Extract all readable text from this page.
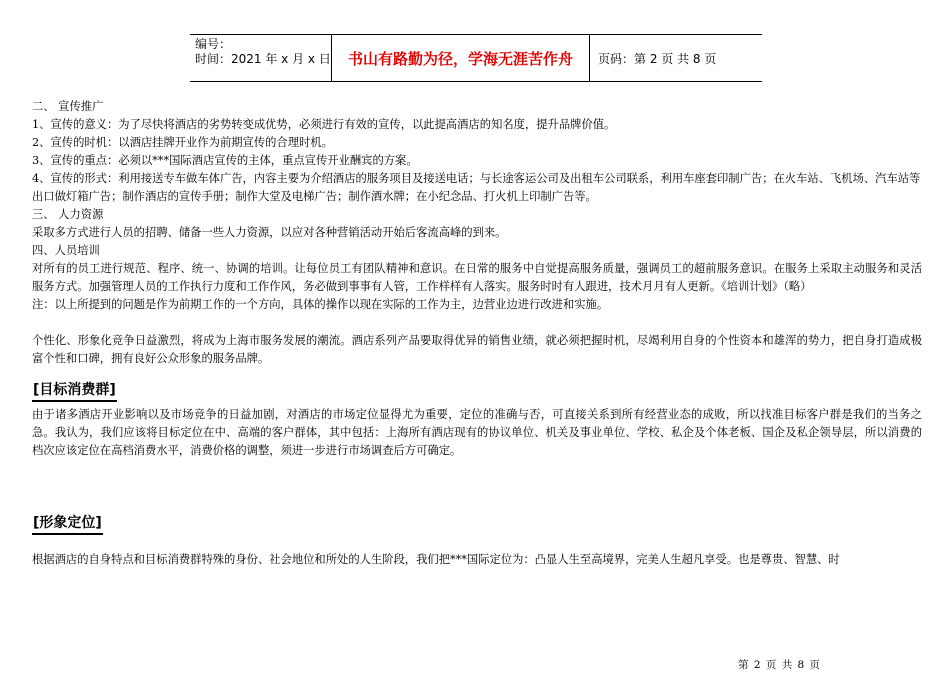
编号：
时间：2021 年 x 月 x 日	书山有路勤为径，学海无涯苦作舟	页码：第 2 页 共 8 页

二、 宣传推广

1、宣传的意义：为了尽快将酒店的劣势转变成优势，必须进行有效的宣传，以此提高酒店的知名度，提升品牌价值。

2、宣传的时机：以酒店挂牌开业作为前期宣传的合理时机。

3、宣传的重点：必须以***国际酒店宣传的主体，重点宣传开业酬宾的方案。

4、宣传的形式：利用接送专车做车体广告，内容主要为介绍酒店的服务项目及接送电话；与长途客运公司及出租车公司联系，利用车座套印制广告；在火车站、飞机场、汽车站等出口做灯箱广告；制作酒店的宣传手册；制作大堂及电梯广告；制作酒水牌；在小纪念品、打火机上印制广告等。

三、 人力资源

采取多方式进行人员的招聘、储备一些人力资源，以应对各种营销活动开始后客流高峰的到来。

四、人员培训

对所有的员工进行规范、程序、统一、协调的培训。让每位员工有团队精神和意识。在日常的服务中自觉提高服务质量，强调员工的超前服务意识。在服务上采取主动服务和灵活服务方式。加强管理人员的工作执行力度和工作作风，务必做到事事有人管，工作样样有人落实。服务时时有人跟进，技术月月有人更新。《培训计划》（略）

注：以上所提到的问题是作为前期工作的一个方向，具体的操作以现在实际的工作为主，边营业边进行改进和实施。

个性化、形象化竞争日益激烈，将成为上海市服务发展的潮流。酒店系列产品要取得优异的销售业绩，就必须把握时机，尽竭利用自身的个性资本和雄浑的势力，把自身打造成极富个性和口碑，拥有良好公众形象的服务品牌。

[目标消费群]

由于诸多酒店开业影响以及市场竞争的日益加剧，对酒店的市场定位显得尤为重要，定位的准确与否，可直接关系到所有经营业态的成败，所以找准目标客户群是我们的当务之急。我认为，我们应该将目标定位在中、高端的客户群体，其中包括：上海所有酒店现有的协议单位、机关及事业单位、学校、私企及个体老板、国企及私企领导层，所以消费的档次应该定位在高档消费水平，消费价格的调整，须进一步进行市场调查后方可确定。

[形象定位]

根据酒店的自身特点和目标消费群特殊的身份、社会地位和所处的人生阶段，我们把***国际定位为：凸显人生至高境界，完美人生超凡享受。也是尊贵、智慧、时

第 2 页 共 8 页
